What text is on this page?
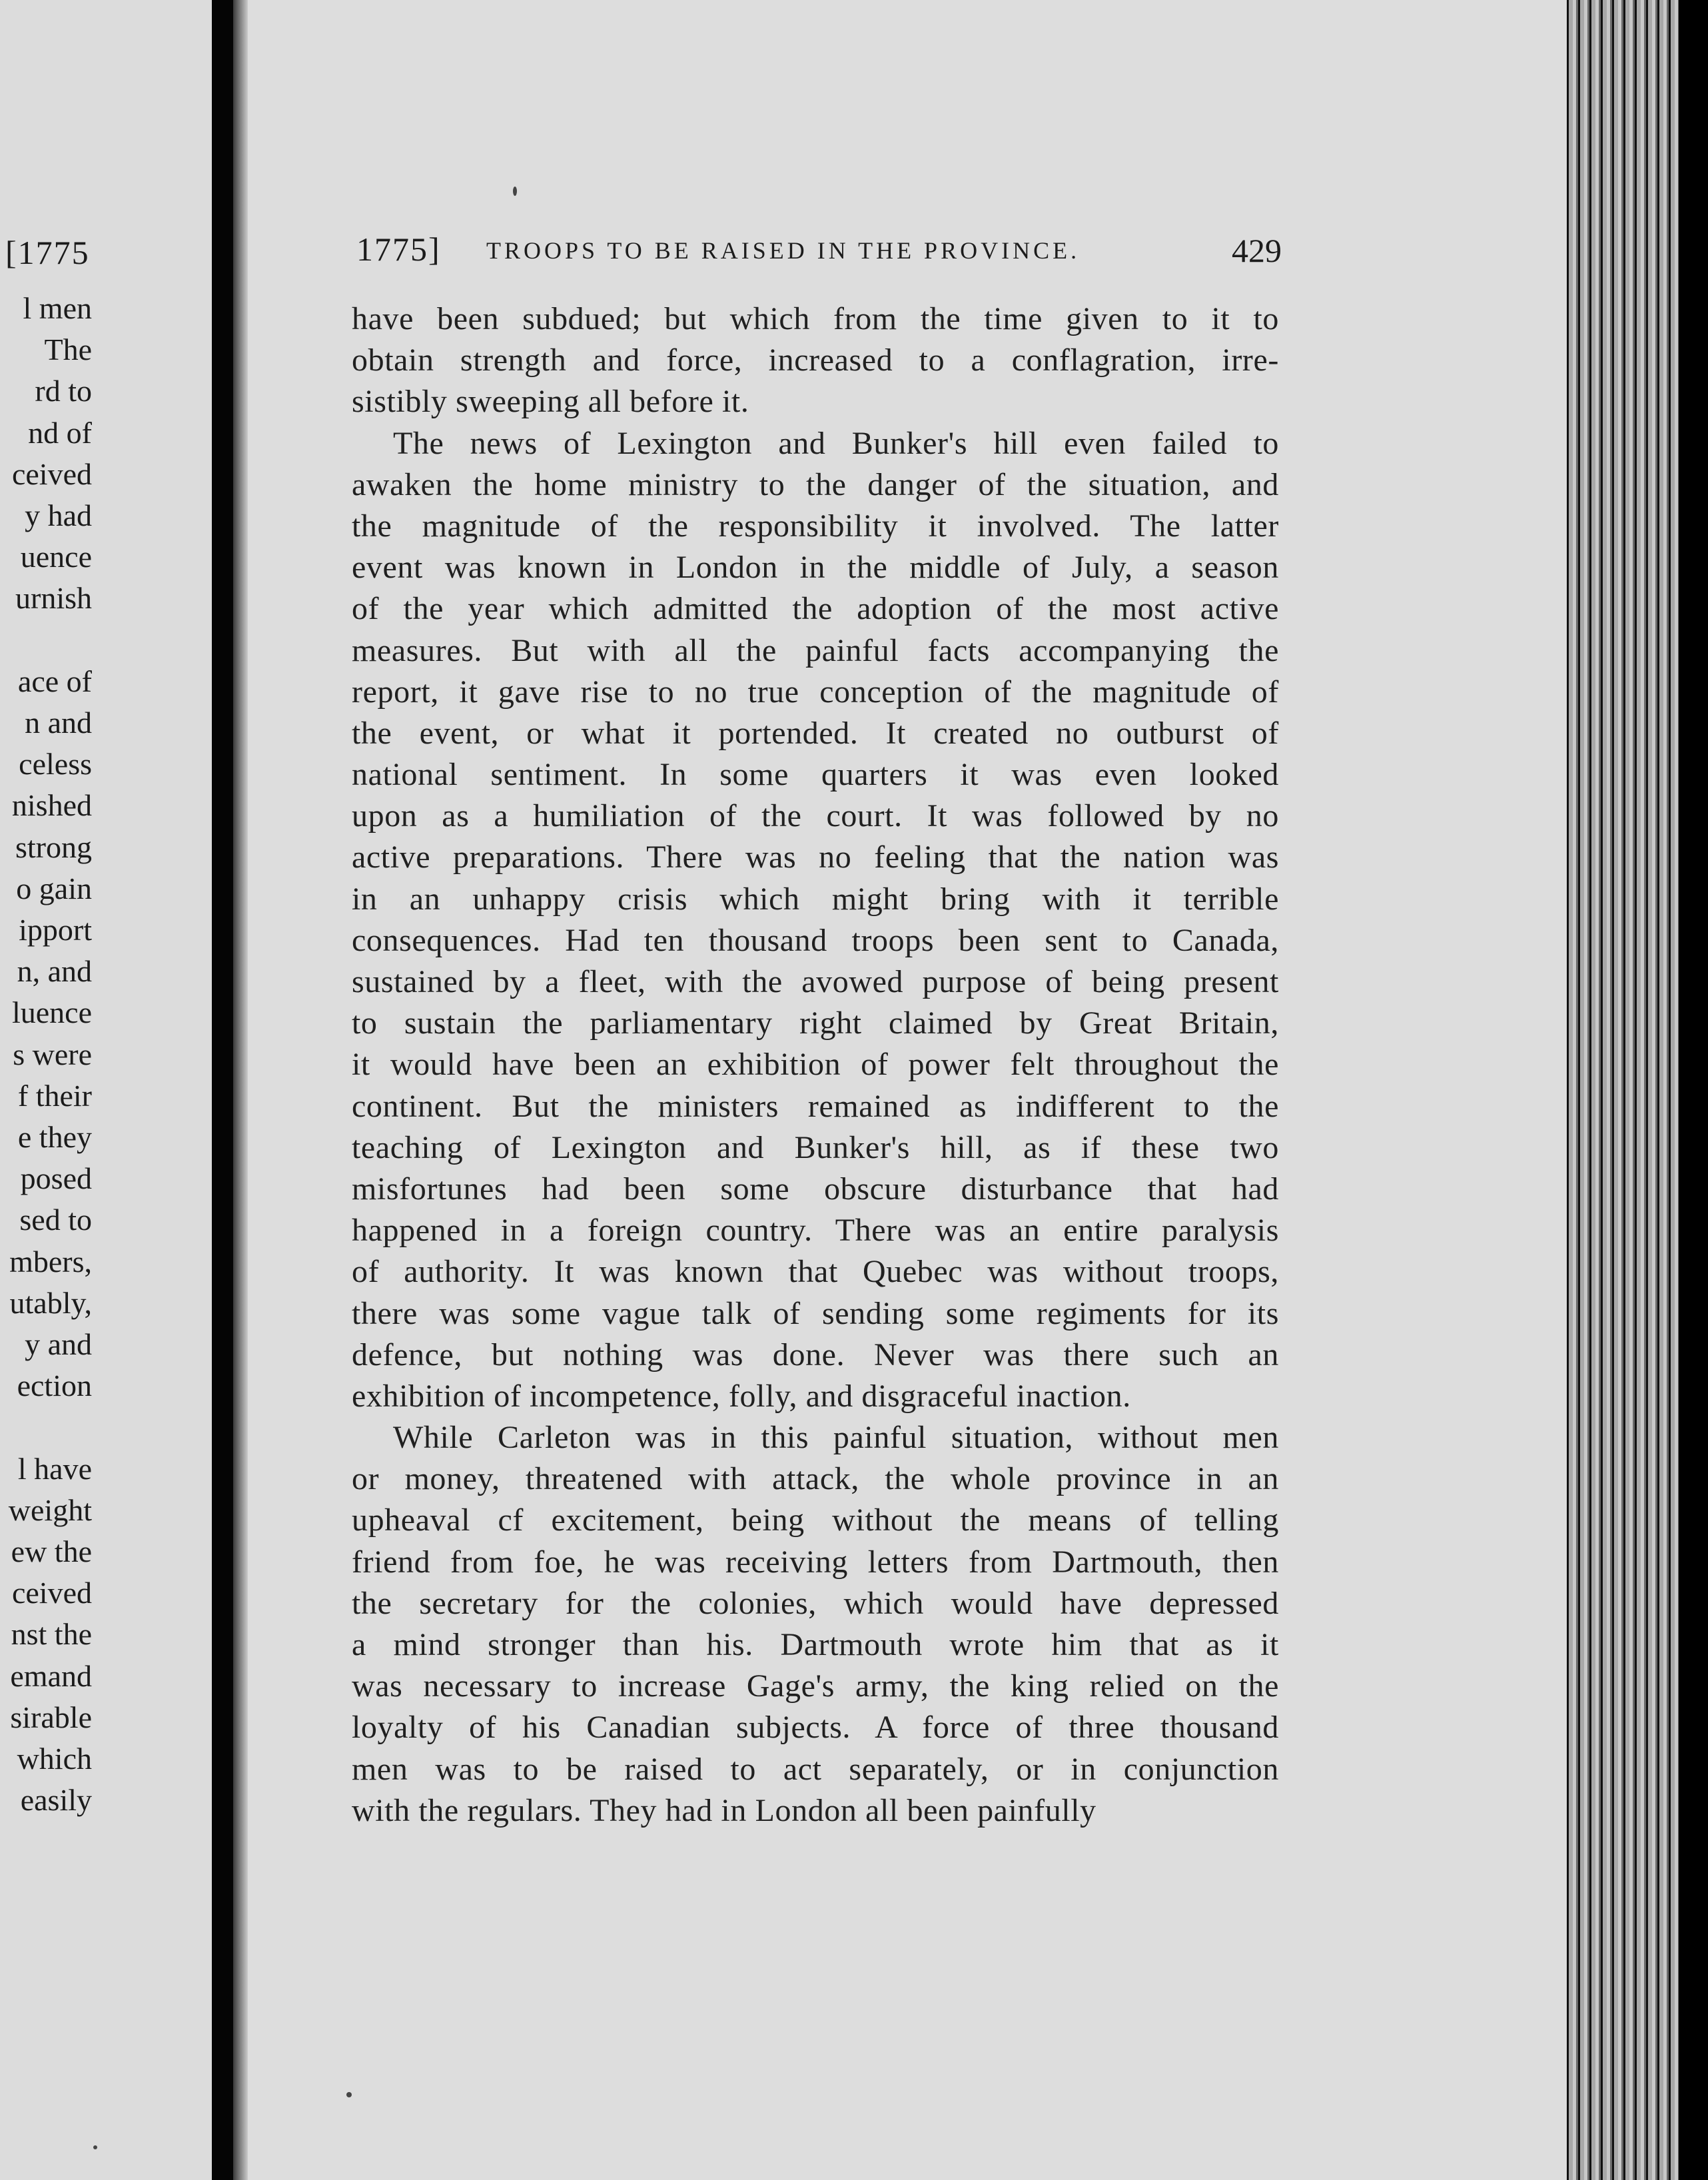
[1775
l men
The
rd to
nd of
ceived
y had
uence
urnish
ace of
n and
celess
nished
strong
o gain
ipport
n, and
luence
s were
f their
e they
posed
sed to
mbers,
utably,
y and
ection
l have
weight
ew the
ceived
nst the
emand
sirable
which
easily
1775] TROOPS TO BE RAISED IN THE PROVINCE.	429
have been subdued; but which from the time given to it to
obtain strength and force, increased to a conflagration, irre-
sistibly sweeping all before it.
The news of Lexington and Bunker's hill even failed to
awaken the home ministry to the danger of the situation, and
the magnitude of the responsibility it involved. The latter
event was known in London in the middle of July, a season
of the year which admitted the adoption of the most active
measures. But with all the painful facts accompanying the
report, it gave rise to no true conception of the magnitude of
the event, or what it portended. It created no outburst of
national sentiment. In some quarters it was even looked
upon as a humiliation of the court. It was followed by no
active preparations. There was no feeling that the nation was
in an unhappy crisis which might bring with it terrible
consequences. Had ten thousand troops been sent to Canada,
sustained by a fleet, with the avowed purpose of being present
to sustain the parliamentary right claimed by Great Britain,
it would have been an exhibition of power felt throughout the
continent. But the ministers remained as indifferent to the
teaching of Lexington and Bunker's hill, as if these two
misfortunes had been some obscure disturbance that had
happened in a foreign country. There was an entire paralysis
of authority. It was known that Quebec was without troops,
there was some vague talk of sending some regiments for its
defence, but nothing was done. Never was there such an
exhibition of incompetence, folly, and disgraceful inaction.
While Carleton was in this painful situation, without men
or money, threatened with attack, the whole province in an
upheaval cf excitement, being without the means of telling
friend from foe, he was receiving letters from Dartmouth, then
the secretary for the colonies, which would have depressed
a mind stronger than his. Dartmouth wrote him that as it
was necessary to increase Gage's army, the king relied on the
loyalty of his Canadian subjects. A force of three thousand
men was to be raised to act separately, or in conjunction
with the regulars. They had in London all been painfully
